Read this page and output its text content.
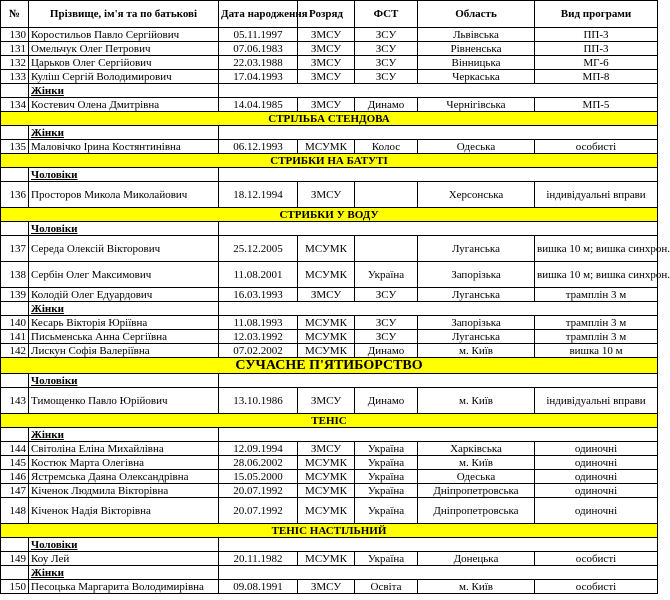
№	Прізвище, ім'я та по батькові	Дата народження	Розряд	ФСТ	Область	Вид програми
130	Коростильов Павло Сергійович	05.11.1997	ЗМСУ	ЗСУ	Львівська	ПП-3
131	Омельчук Олег Петрович	07.06.1983	ЗМСУ	ЗСУ	Рівненська	ПП-3
132	Царьков Олег Сергійович	22.03.1988	ЗМСУ	ЗСУ	Вінницька	МГ-6
133	Куліш Сергій Володимирович	17.04.1993	ЗМСУ	ЗСУ	Черкаська	МП-8
	Жінки					
134	Костевич Олена Дмитрівна	14.04.1985	ЗМСУ	Динамо	Чернігівська	МП-5
СТРІЛЬБА СТЕНДОВА						
	Жінки					
135	Маловічко Ірина Костянтинівна	06.12.1993	МСУМК	Колос	Одеська	особисті
СТРИБКИ НА БАТУТІ						
	Чоловіки					
136	Просторов Микола Миколайович	18.12.1994	ЗМСУ		Херсонська	індивідуальні вправи
СТРИБКИ У ВОДУ						
	Чоловіки					
137	Середа Олексій Вікторович	25.12.2005	МСУМК		Луганська	вишка 10 м; вишка синхрон.
138	Сербін Олег Максимович	11.08.2001	МСУМК	Україна	Запорізька	вишка 10 м; вишка синхрон.
139	Колодій Олег Едуардович	16.03.1993	ЗМСУ	ЗСУ	Луганська	трамплін 3 м
	Жінки					
140	Кесарь Вікторія Юріївна	11.08.1993	МСУМК	ЗСУ	Запорізька	трамплін 3 м
141	Письменська Анна Сергіївна	12.03.1992	МСУМК	ЗСУ	Луганська	трамплін 3 м
142	Лискун Софія Валеріївна	07.02.2002	МСУМК	Динамо	м. Київ	вишка 10 м
СУЧАСНЕ П'ЯТИБОРСТВО						
	Чоловіки					
143	Тимощенко Павло Юрійович	13.10.1986	ЗМСУ	Динамо	м. Київ	індивідуальні вправи
ТЕНІС						
	Жінки					
144	Світоліна Еліна Михайлівна	12.09.1994	ЗМСУ	Україна	Харківська	одиночні
145	Костюк Марта Олегівна	28.06.2002	МСУМК	Україна	м. Київ	одиночні
146	Ястремська Даяна Олександрівна	15.05.2000	МСУМК	Україна	Одеська	одиночні
147	Кіченок Людмила Вікторівна	20.07.1992	МСУМК	Україна	Дніпропетровська	одиночні
148	Кіченок Надія Вікторівна	20.07.1992	МСУМК	Україна	Дніпропетровська	одиночні
ТЕНІС НАСТІЛЬНИЙ						
	Чоловіки					
149	Коу Лей	20.11.1982	МСУМК	Україна	Донецька	особисті
	Жінки					
150	Песоцька Маргарита Володимирівна	09.08.1991	ЗМСУ	Освіта	м. Київ	особисті
